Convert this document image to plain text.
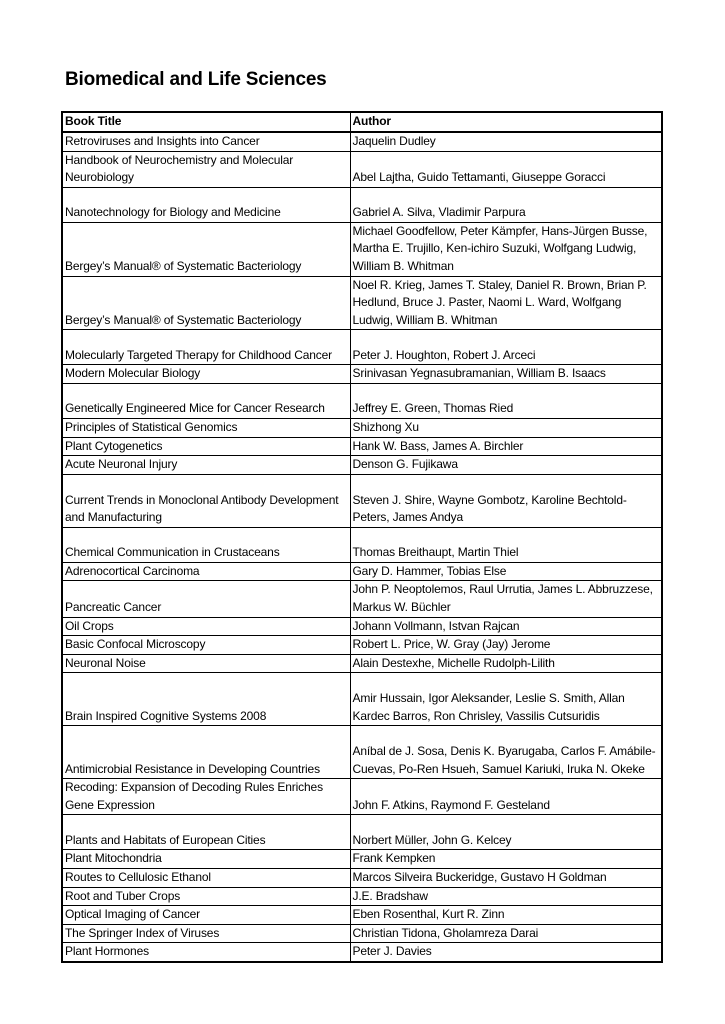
Biomedical and Life Sciences
Book Title	Author
Retroviruses and Insights into Cancer	Jaquelin Dudley
Handbook of Neurochemistry and Molecular Neurobiology	Abel Lajtha, Guido Tettamanti, Giuseppe Goracci
Nanotechnology for Biology and Medicine	Gabriel A. Silva, Vladimir Parpura
Bergey’s Manual® of Systematic Bacteriology	Michael Goodfellow, Peter Kämpfer, Hans-Jürgen Busse, Martha E. Trujillo, Ken-ichiro Suzuki, Wolfgang Ludwig, William B. Whitman
Bergey’s Manual® of Systematic Bacteriology	Noel R. Krieg, James T. Staley, Daniel R. Brown, Brian P. Hedlund, Bruce J. Paster, Naomi L. Ward, Wolfgang Ludwig, William B. Whitman
Molecularly Targeted Therapy for Childhood Cancer	Peter J. Houghton, Robert J. Arceci
Modern Molecular Biology	Srinivasan Yegnasubramanian, William B. Isaacs
Genetically Engineered Mice for Cancer Research	Jeffrey E. Green, Thomas Ried
Principles of Statistical Genomics	Shizhong Xu
Plant Cytogenetics	Hank W. Bass, James A. Birchler
Acute Neuronal Injury	Denson G. Fujikawa
Current Trends in Monoclonal Antibody Development and Manufacturing	Steven J. Shire, Wayne Gombotz, Karoline Bechtold-Peters, James Andya
Chemical Communication in Crustaceans	Thomas Breithaupt, Martin Thiel
Adrenocortical Carcinoma	Gary D. Hammer, Tobias Else
Pancreatic Cancer	John P. Neoptolemos, Raul Urrutia, James L. Abbruzzese, Markus W. Büchler
Oil Crops	Johann Vollmann, Istvan Rajcan
Basic Confocal Microscopy	Robert L. Price, W. Gray (Jay) Jerome
Neuronal Noise	Alain Destexhe, Michelle Rudolph-Lilith
Brain Inspired Cognitive Systems 2008	Amir Hussain, Igor Aleksander, Leslie S. Smith, Allan Kardec Barros, Ron Chrisley, Vassilis Cutsuridis
Antimicrobial Resistance in Developing Countries	Aníbal de J. Sosa, Denis K. Byarugaba, Carlos F. Amábile-Cuevas, Po-Ren Hsueh, Samuel Kariuki, Iruka N. Okeke
Recoding: Expansion of Decoding Rules Enriches Gene Expression	John F. Atkins, Raymond F. Gesteland
Plants and Habitats of European Cities	Norbert Müller, John G. Kelcey
Plant Mitochondria	Frank Kempken
Routes to Cellulosic Ethanol	Marcos Silveira Buckeridge, Gustavo H Goldman
Root and Tuber Crops	J.E. Bradshaw
Optical Imaging of Cancer	Eben Rosenthal, Kurt R. Zinn
The Springer Index of Viruses	Christian Tidona, Gholamreza Darai
Plant Hormones	Peter J. Davies
